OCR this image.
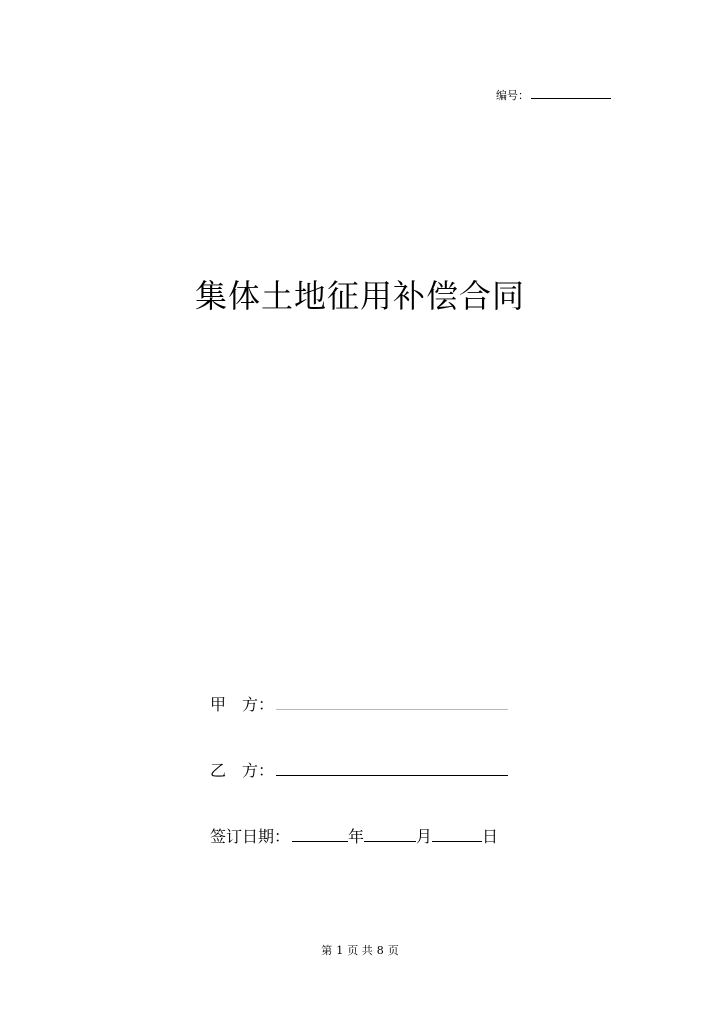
编号：
集体土地征用补偿合同
甲　方：
乙　方：
签订日期：	年	月	日
第 1 页 共 8 页
